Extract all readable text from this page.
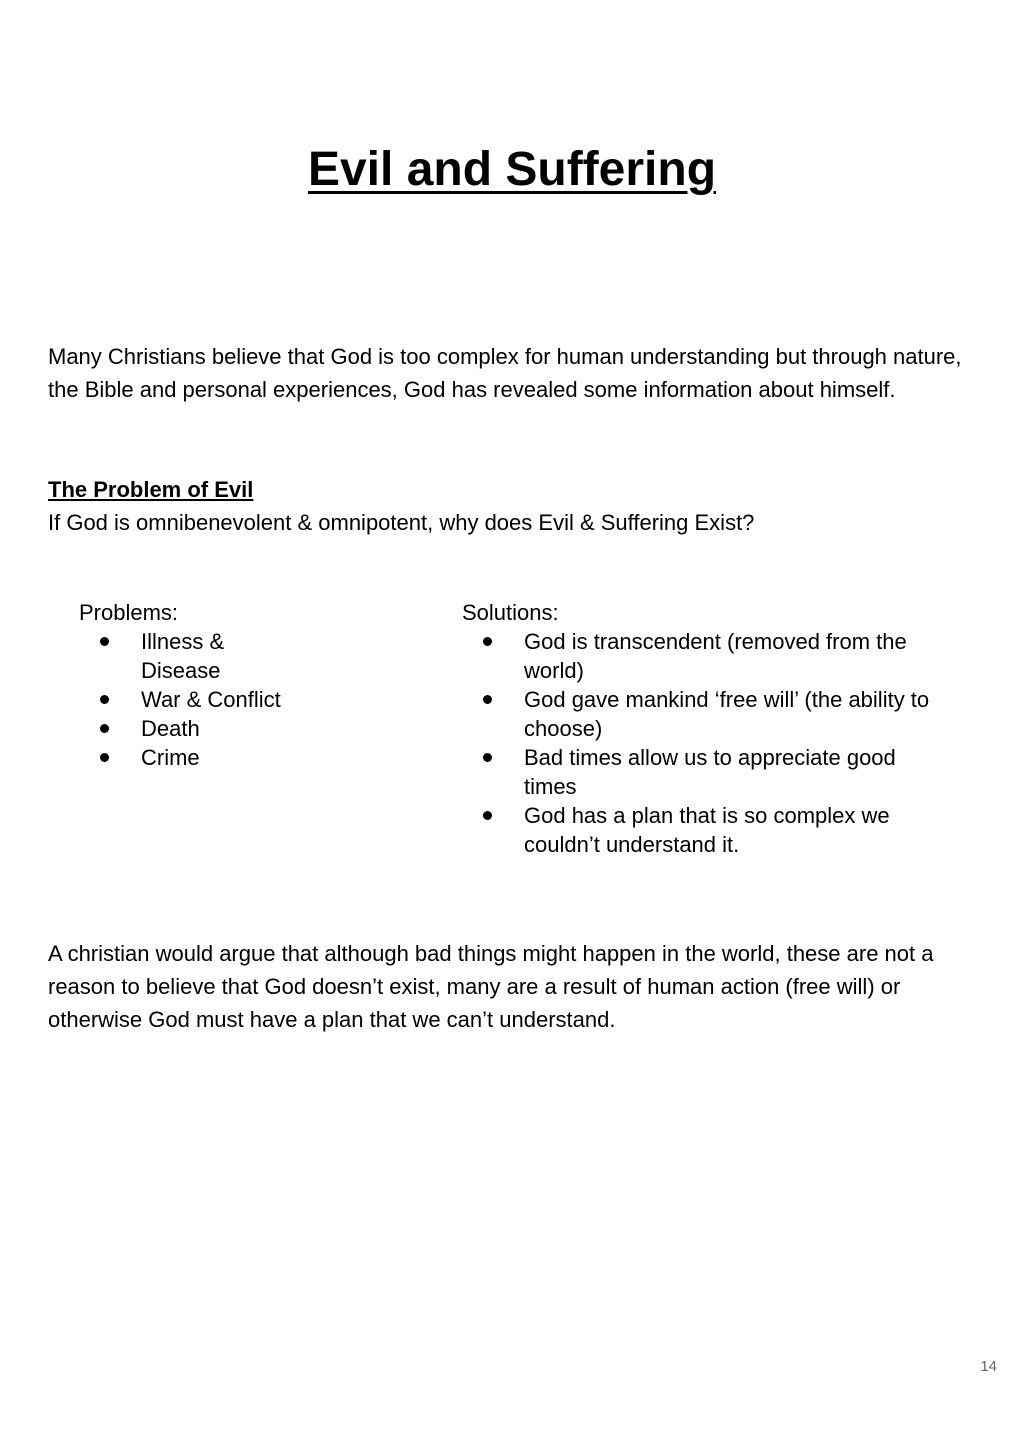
Evil and Suffering

Many Christians believe that God is too complex for human understanding but through nature, the Bible and personal experiences, God has revealed some information about himself.

The Problem of Evil

If God is omnibenevolent & omnipotent, why does Evil & Suffering Exist?

Problems:

Illness & Disease
War & Conflict
Death
Crime

Solutions:

God is transcendent (removed from the world)
God gave mankind ‘free will’ (the ability to choose)
Bad times allow us to appreciate good times
God has a plan that is so complex we couldn’t understand it.

A christian would argue that although bad things might happen in the world, these are not a reason to believe that God doesn’t exist, many are a result of human action (free will) or otherwise God must have a plan that we can’t understand.

14
